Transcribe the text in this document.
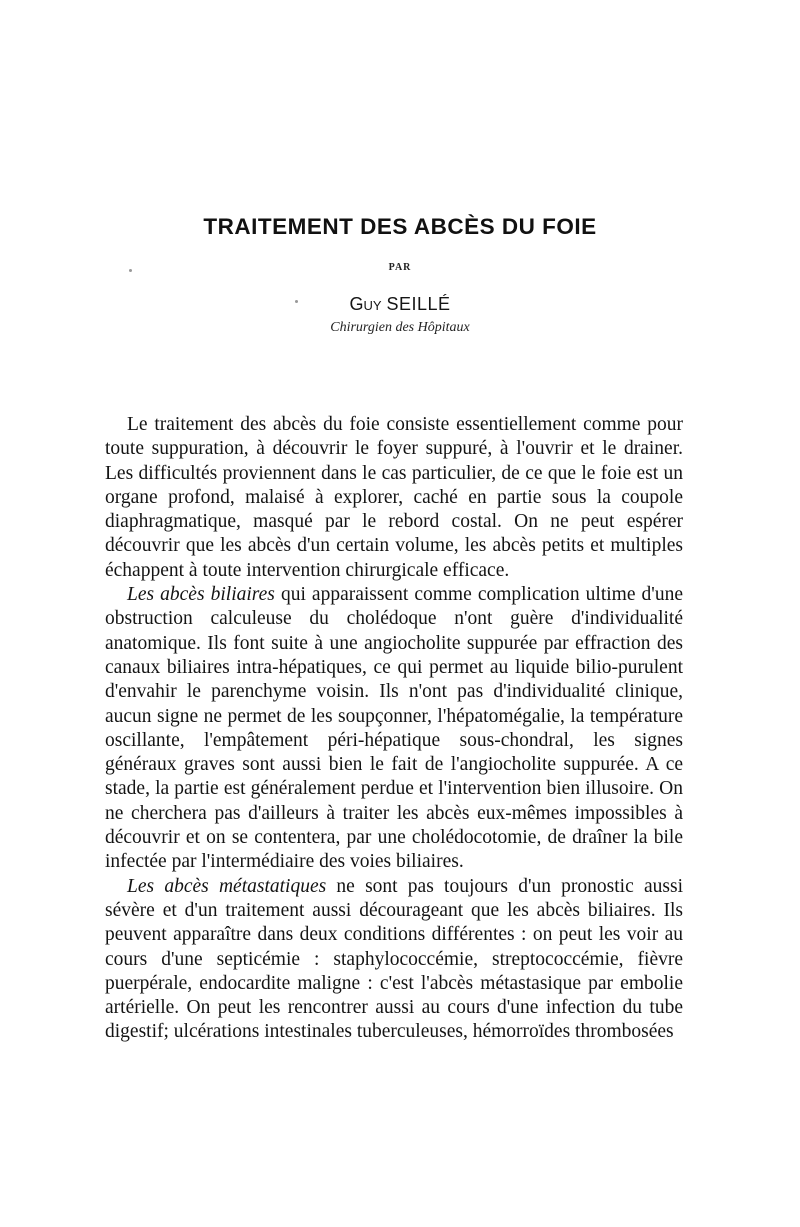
TRAITEMENT DES ABCÈS DU FOIE
PAR
Guy SEILLÉ
Chirurgien des Hôpitaux

Le traitement des abcès du foie consiste essentiellement comme pour toute suppuration, à découvrir le foyer suppuré, à l'ouvrir et le drainer. Les difficultés proviennent dans le cas particulier, de ce que le foie est un organe profond, malaisé à explorer, caché en partie sous la coupole diaphragmatique, masqué par le rebord costal. On ne peut espérer découvrir que les abcès d'un certain volume, les abcès petits et multiples échappent à toute intervention chirurgicale efficace.

Les abcès biliaires qui apparaissent comme complication ultime d'une obstruction calculeuse du cholédoque n'ont guère d'individualité anatomique. Ils font suite à une angiocholite suppurée par effraction des canaux biliaires intra-hépatiques, ce qui permet au liquide bilio-purulent d'envahir le parenchyme voisin. Ils n'ont pas d'individualité clinique, aucun signe ne permet de les soupçonner, l'hépatomégalie, la température oscillante, l'empâtement péri-hépatique sous-chondral, les signes généraux graves sont aussi bien le fait de l'angiocholite suppurée. A ce stade, la partie est généralement perdue et l'intervention bien illusoire. On ne cherchera pas d'ailleurs à traiter les abcès eux-mêmes impossibles à découvrir et on se contentera, par une cholédocotomie, de draîner la bile infectée par l'intermédiaire des voies biliaires.

Les abcès métastatiques ne sont pas toujours d'un pronostic aussi sévère et d'un traitement aussi décourageant que les abcès biliaires. Ils peuvent apparaître dans deux conditions différentes : on peut les voir au cours d'une septicémie : staphylococcémie, streptococcémie, fièvre puerpérale, endocardite maligne : c'est l'abcès métastasique par embolie artérielle. On peut les rencontrer aussi au cours d'une infection du tube digestif; ulcérations intestinales tuberculeuses, hémorroïdes thrombosées
